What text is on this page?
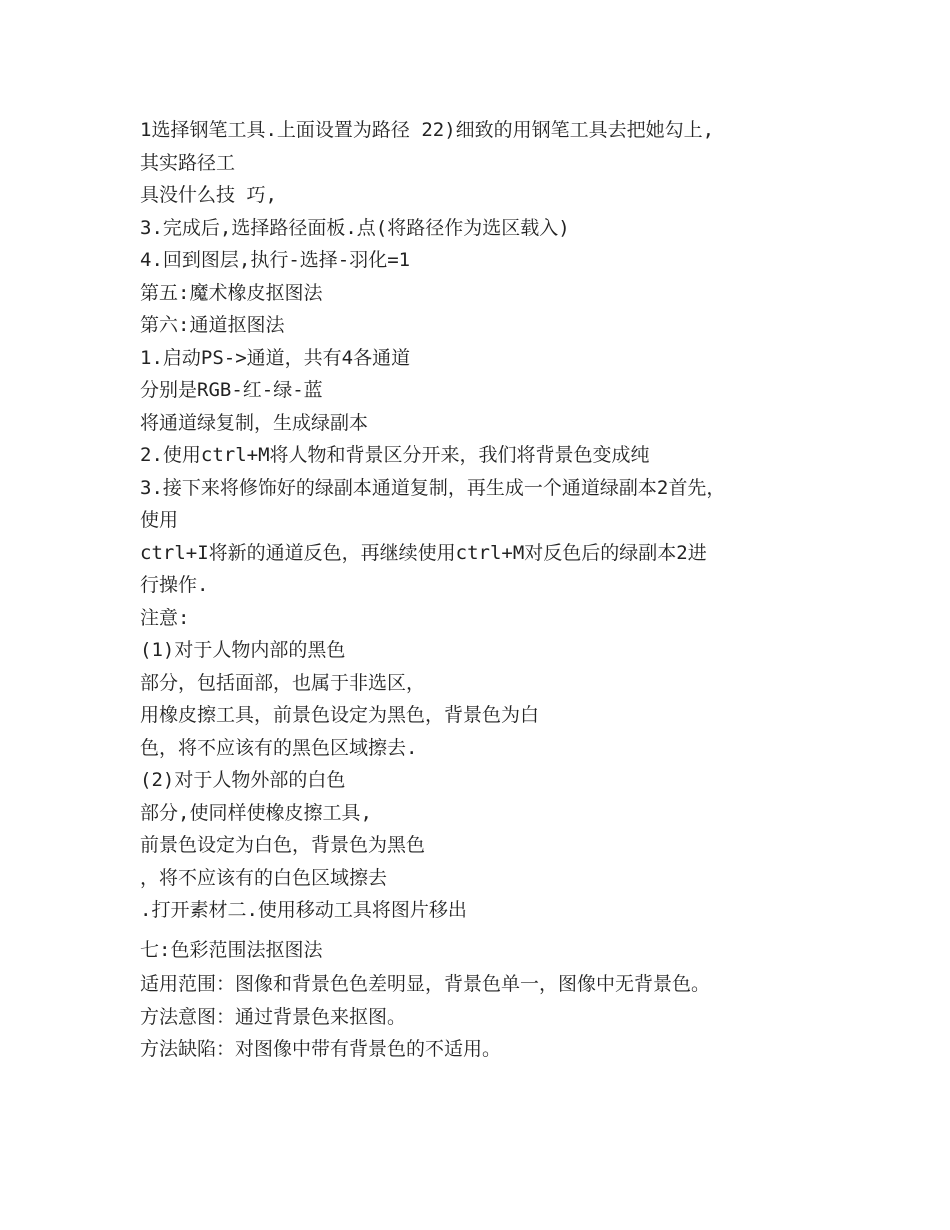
1选择钢笔工具.上面设置为路径 22)细致的用钢笔工具去把她勾上,
其实路径工
具没什么技 巧,
3.完成后,选择路径面板.点(将路径作为选区载入)
4.回到图层,执行-选择-羽化=1
第五:魔术橡皮抠图法
第六:通道抠图法
1.启动PS->通道，共有4各通道
分别是RGB-红-绿-蓝
将通道绿复制，生成绿副本
2.使用ctrl+M将人物和背景区分开来，我们将背景色变成纯
3.接下来将修饰好的绿副本通道复制，再生成一个通道绿副本2首先，
使用
ctrl+I将新的通道反色，再继续使用ctrl+M对反色后的绿副本2进
行操作.
注意:
(1)对于人物内部的黑色
部分，包括面部，也属于非选区，
用橡皮擦工具，前景色设定为黑色，背景色为白
色，将不应该有的黑色区域擦去.
(2)对于人物外部的白色
部分,使同样使橡皮擦工具,
前景色设定为白色，背景色为黑色
，将不应该有的白色区域擦去
.打开素材二.使用移动工具将图片移出
七:色彩范围法抠图法
适用范围：图像和背景色色差明显，背景色单一，图像中无背景色。
方法意图：通过背景色来抠图。
方法缺陷：对图像中带有背景色的不适用。
